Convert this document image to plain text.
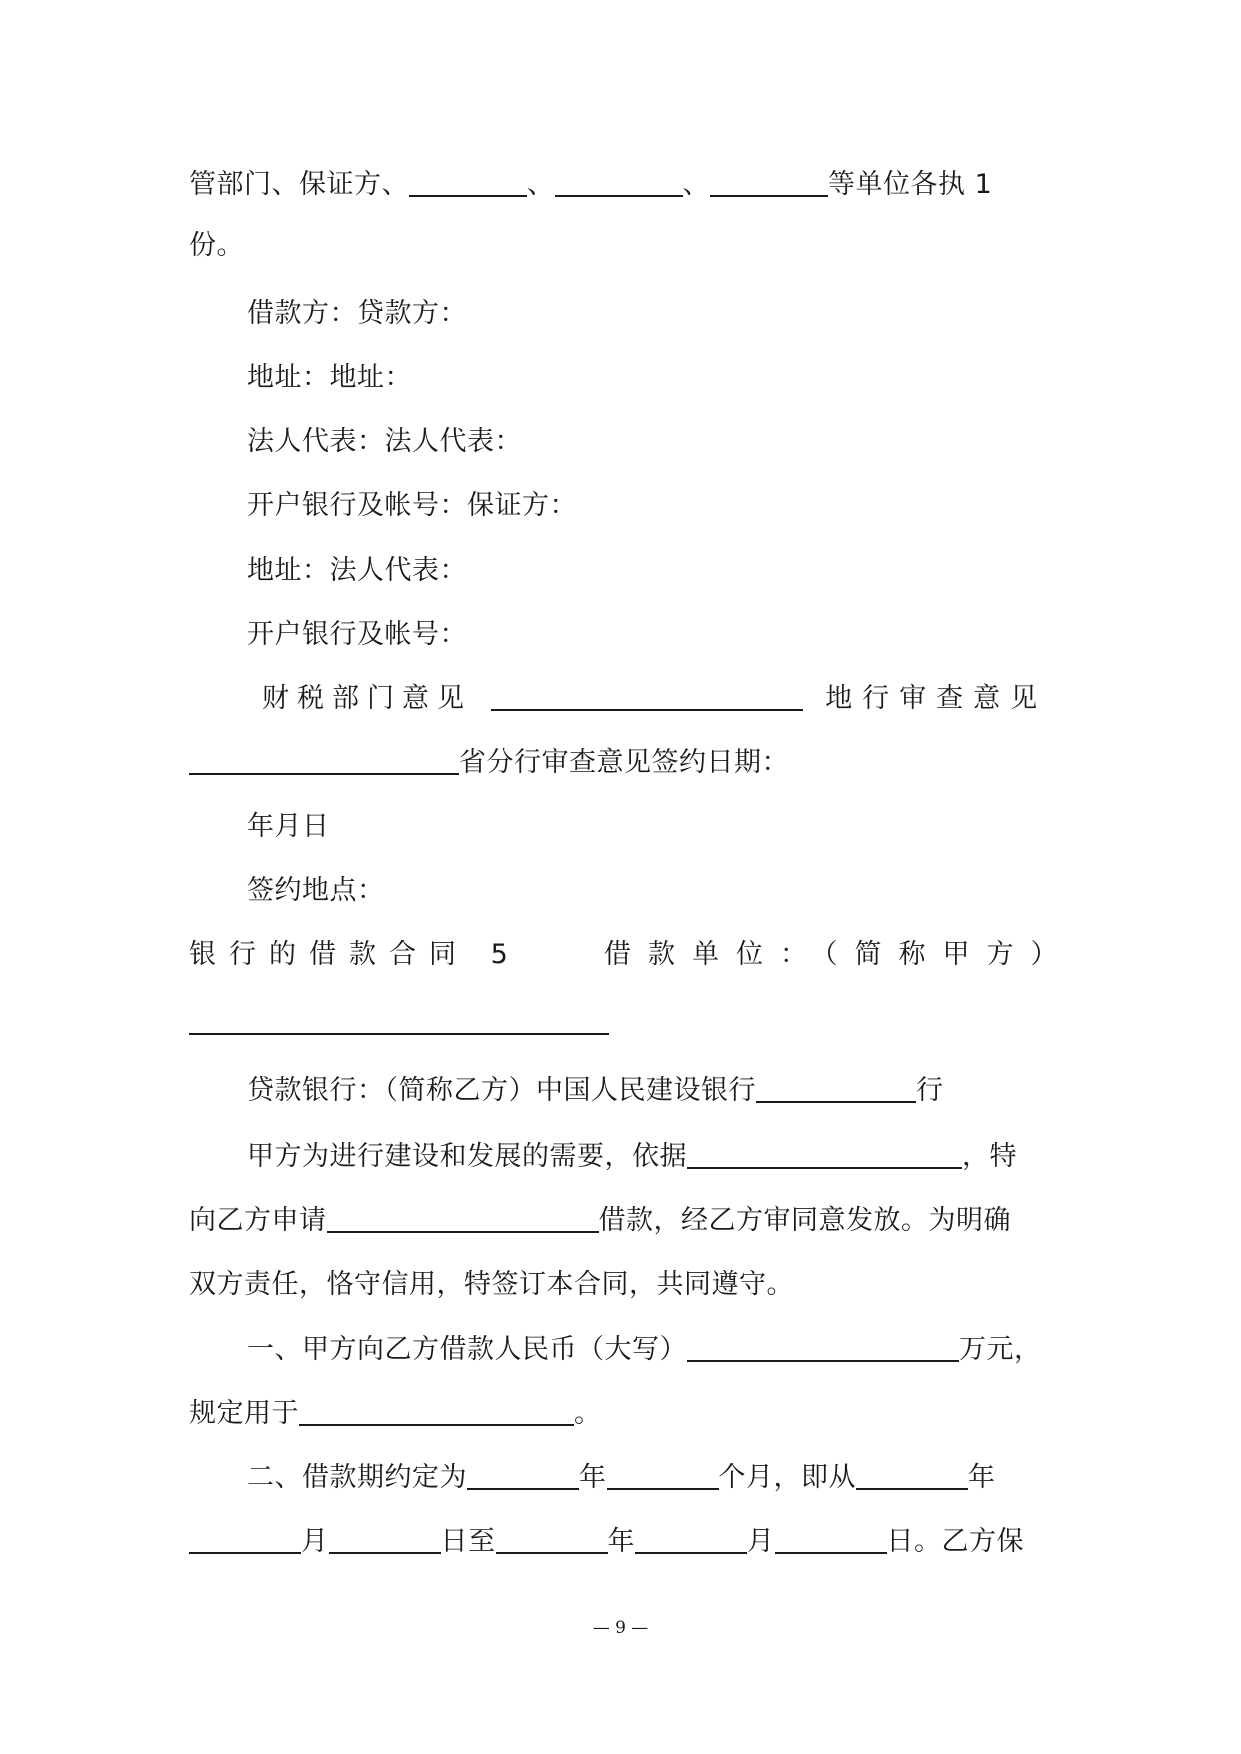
管部门、保证方、	、	、	等单位各执 1
份。
借款方：贷款方：
地址：地址：
法人代表：法人代表：
开户银行及帐号：保证方：
地址：法人代表：
开户银行及帐号：
财税部门意见	地行审查意见
省分行审查意见签约日期：
年月日
签约地点：
银行的借款合同 5	借款单位：（简称甲方）
贷款银行：（简称乙方）中国人民建设银行	行
甲方为进行建设和发展的需要，依据	，特
向乙方申请	借款，经乙方审同意发放。为明确
双方责任，恪守信用，特签订本合同，共同遵守。
一、甲方向乙方借款人民币（大写）	万元，
规定用于	。
二、借款期约定为	年	个月，即从	年
月	日至	年	月	日。乙方保
— 9 —
